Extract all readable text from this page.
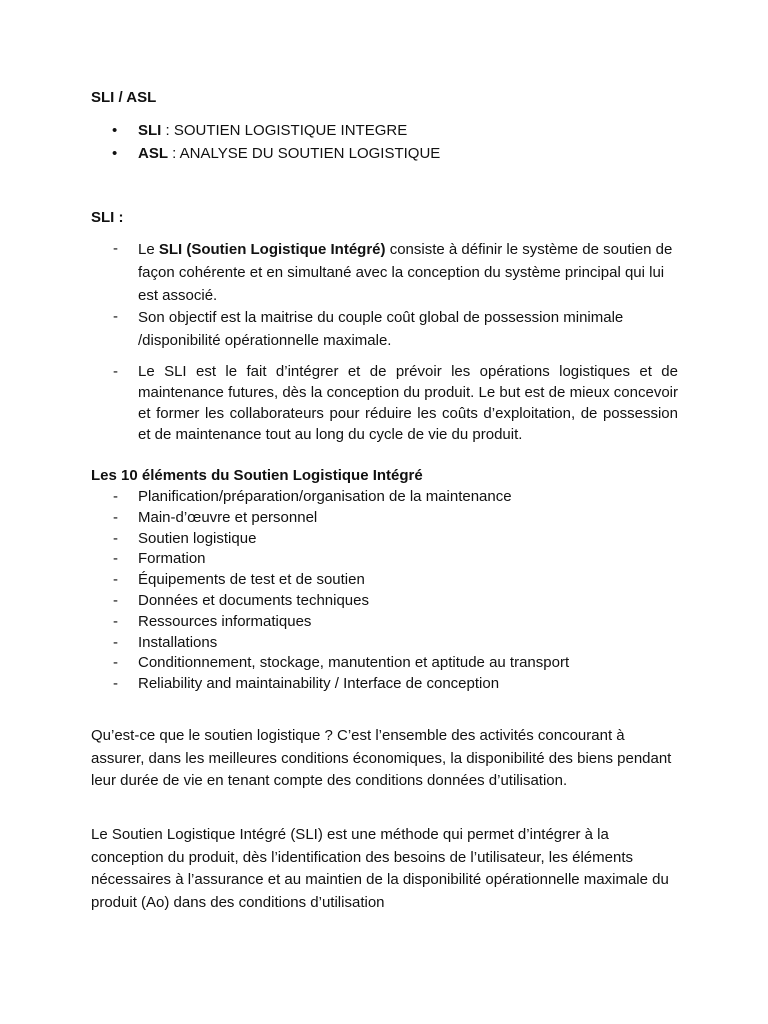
SLI / ASL
• SLI : SOUTIEN LOGISTIQUE INTEGRE
• ASL : ANALYSE DU SOUTIEN LOGISTIQUE
SLI :
- Le SLI (Soutien Logistique Intégré) consiste à définir le système de soutien de façon cohérente et en simultané avec la conception du système principal qui lui est associé.
- Son objectif est la maitrise du couple coût global de possession minimale /disponibilité opérationnelle maximale.
- Le SLI est le fait d’intégrer et de prévoir les opérations logistiques et de maintenance futures, dès la conception du produit. Le but est de mieux concevoir et former les collaborateurs pour réduire les coûts d’exploitation, de possession et de maintenance tout au long du cycle de vie du produit.
Les 10 éléments du Soutien Logistique Intégré
- Planification/préparation/organisation de la maintenance
- Main-d’œuvre et personnel
- Soutien logistique
- Formation
- Équipements de test et de soutien
- Données et documents techniques
- Ressources informatiques
- Installations
- Conditionnement, stockage, manutention et aptitude au transport
- Reliability and maintainability / Interface de conception
Qu’est-ce que le soutien logistique ? C’est l’ensemble des activités concourant à assurer, dans les meilleures conditions économiques, la disponibilité des biens pendant leur durée de vie en tenant compte des conditions données d’utilisation.
Le Soutien Logistique Intégré (SLI) est une méthode qui permet d’intégrer à la conception du produit, dès l’identification des besoins de l’utilisateur, les éléments nécessaires à l’assurance et au maintien de la disponibilité opérationnelle maximale du produit (Ao) dans des conditions d’utilisation
